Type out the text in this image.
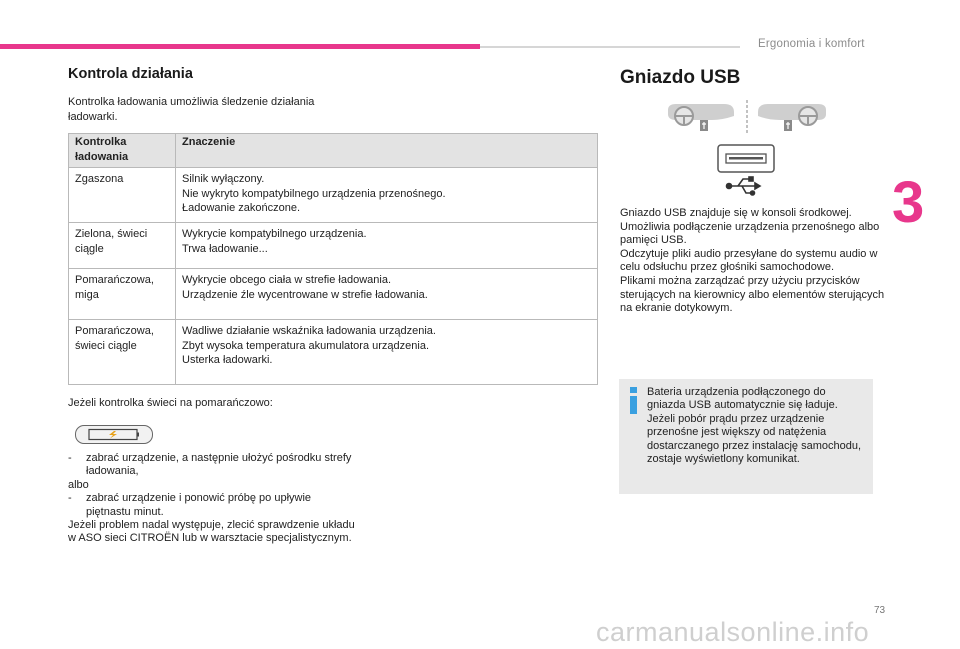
Ergonomia i komfort
3
Kontrola działania
Kontrolka ładowania umożliwia śledzenie działania ładowarki.
Kontrolka ładowania	Znaczenie
Zgaszona	Silnik wyłączony.
Nie wykryto kompatybilnego urządzenia przenośnego.
Ładowanie zakończone.

Zielona, świeci ciągle	Wykrycie kompatybilnego urządzenia.
Trwa ładowanie...

Pomarańczowa, miga	Wykrycie obcego ciała w strefie ładowania.
Urządzenie źle wycentrowane w strefie ładowania.

Pomarańczowa, świeci ciągle	Wadliwe działanie wskaźnika ładowania urządzenia.
Zbyt wysoka temperatura akumulatora urządzenia.
Usterka ładowarki.
Jeżeli kontrolka świeci na pomarańczowo:
-	zabrać urządzenie, a następnie ułożyć pośrodku strefy ładowania,
albo
-	zabrać urządzenie i ponowić próbę po upływie piętnastu minut.
Jeżeli problem nadal występuje, zlecić sprawdzenie układu w ASO sieci CITROËN lub w warsztacie specjalistycznym.
Gniazdo USB
Gniazdo USB znajduje się w konsoli środkowej.
Umożliwia podłączenie urządzenia przenośnego albo pamięci USB.
Odczytuje pliki audio przesyłane do systemu audio w celu odsłuchu przez głośniki samochodowe.
Plikami można zarządzać przy użyciu przycisków sterujących na kierownicy albo elementów sterujących na ekranie dotykowym.
Bateria urządzenia podłączonego do gniazda USB automatycznie się ładuje. Jeżeli pobór prądu przez urządzenie przenośne jest większy od natężenia dostarczanego przez instalację samochodu, zostaje wyświetlony komunikat.
73
carmanualsonline.info
